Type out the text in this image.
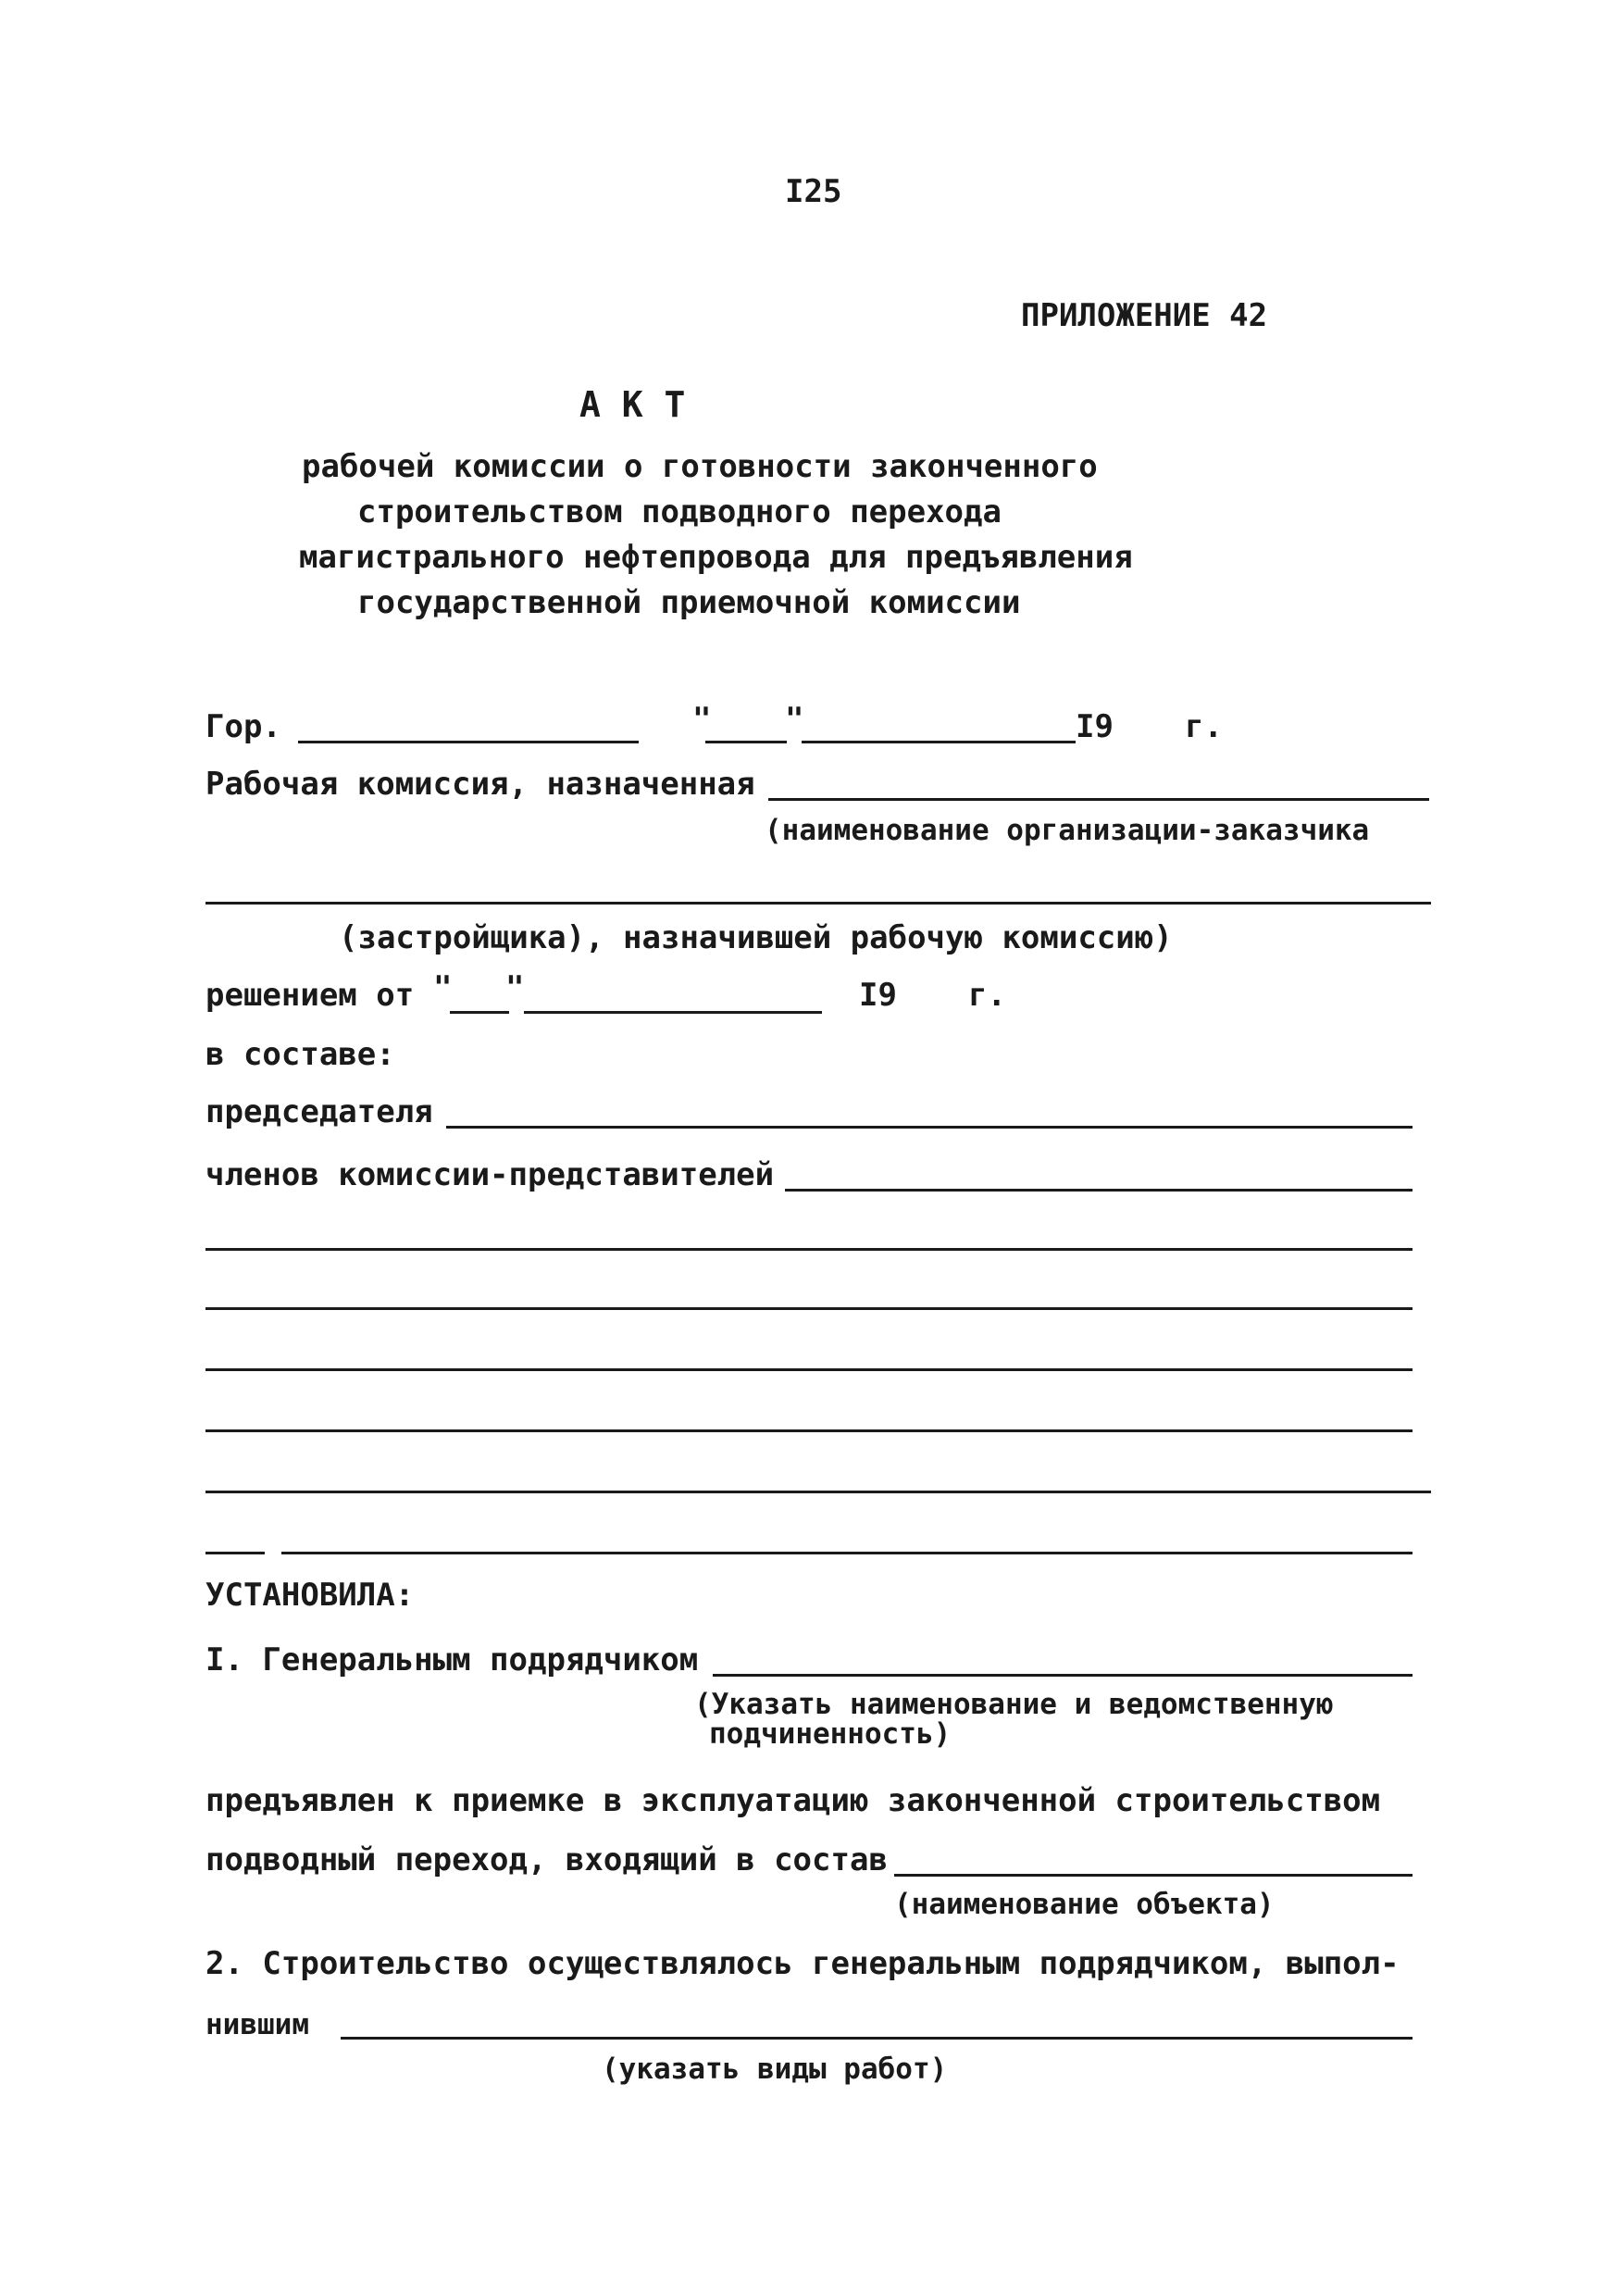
I25
ПРИЛОЖЕНИЕ 42
А К Т
рабочей комиссии о готовности законченного
строительством подводного перехода
магистрального нефтепровода для предъявления
государственной приемочной комиссии
Гор.	" "	I9 г.
Рабочая комиссия, назначенная
(наименование организации-заказчика
(застройщика), назначившей рабочую комиссию)
решением от " "	I9 г.
в составе:
председателя
членов комиссии-представителей
УСТАНОВИЛА:
I. Генеральным подрядчиком
(Указать наименование и ведомственную
подчиненность)
предъявлен к приемке в эксплуатацию законченной строительством
подводный переход, входящий в состав
(наименование объекта)
2. Строительство осуществлялось генеральным подрядчиком, выпол-
нившим
(указать виды работ)
